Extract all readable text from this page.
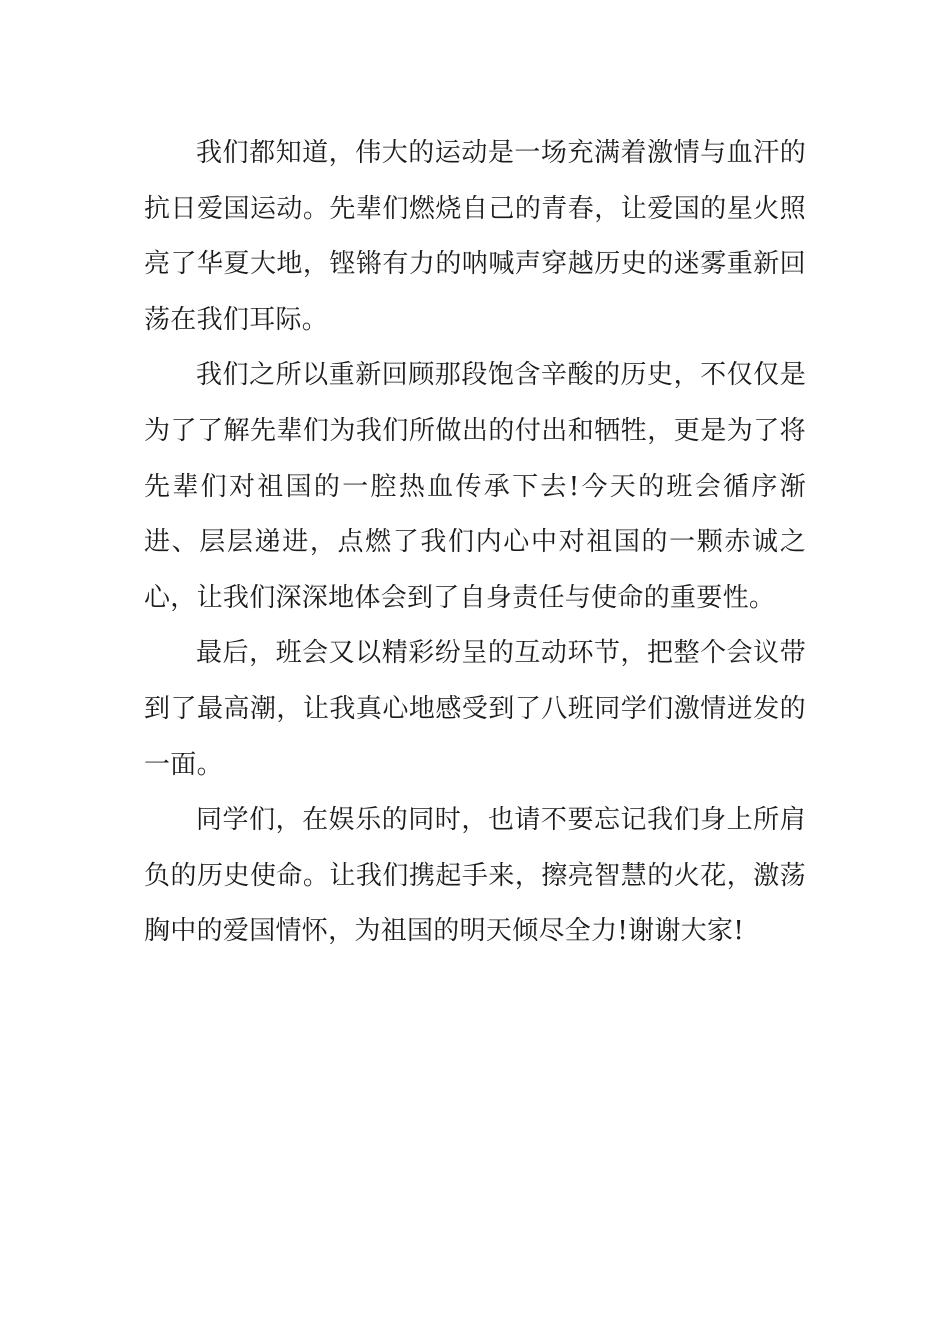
我们都知道，伟大的运动是一场充满着激情与血汗的抗日爱国运动。先辈们燃烧自己的青春，让爱国的星火照亮了华夏大地，铿锵有力的呐喊声穿越历史的迷雾重新回荡在我们耳际。

我们之所以重新回顾那段饱含辛酸的历史，不仅仅是为了了解先辈们为我们所做出的付出和牺牲，更是为了将先辈们对祖国的一腔热血传承下去!今天的班会循序渐进、层层递进，点燃了我们内心中对祖国的一颗赤诚之心，让我们深深地体会到了自身责任与使命的重要性。

最后，班会又以精彩纷呈的互动环节，把整个会议带到了最高潮，让我真心地感受到了八班同学们激情迸发的一面。

同学们，在娱乐的同时，也请不要忘记我们身上所肩负的历史使命。让我们携起手来，擦亮智慧的火花，激荡胸中的爱国情怀，为祖国的明天倾尽全力!谢谢大家!
